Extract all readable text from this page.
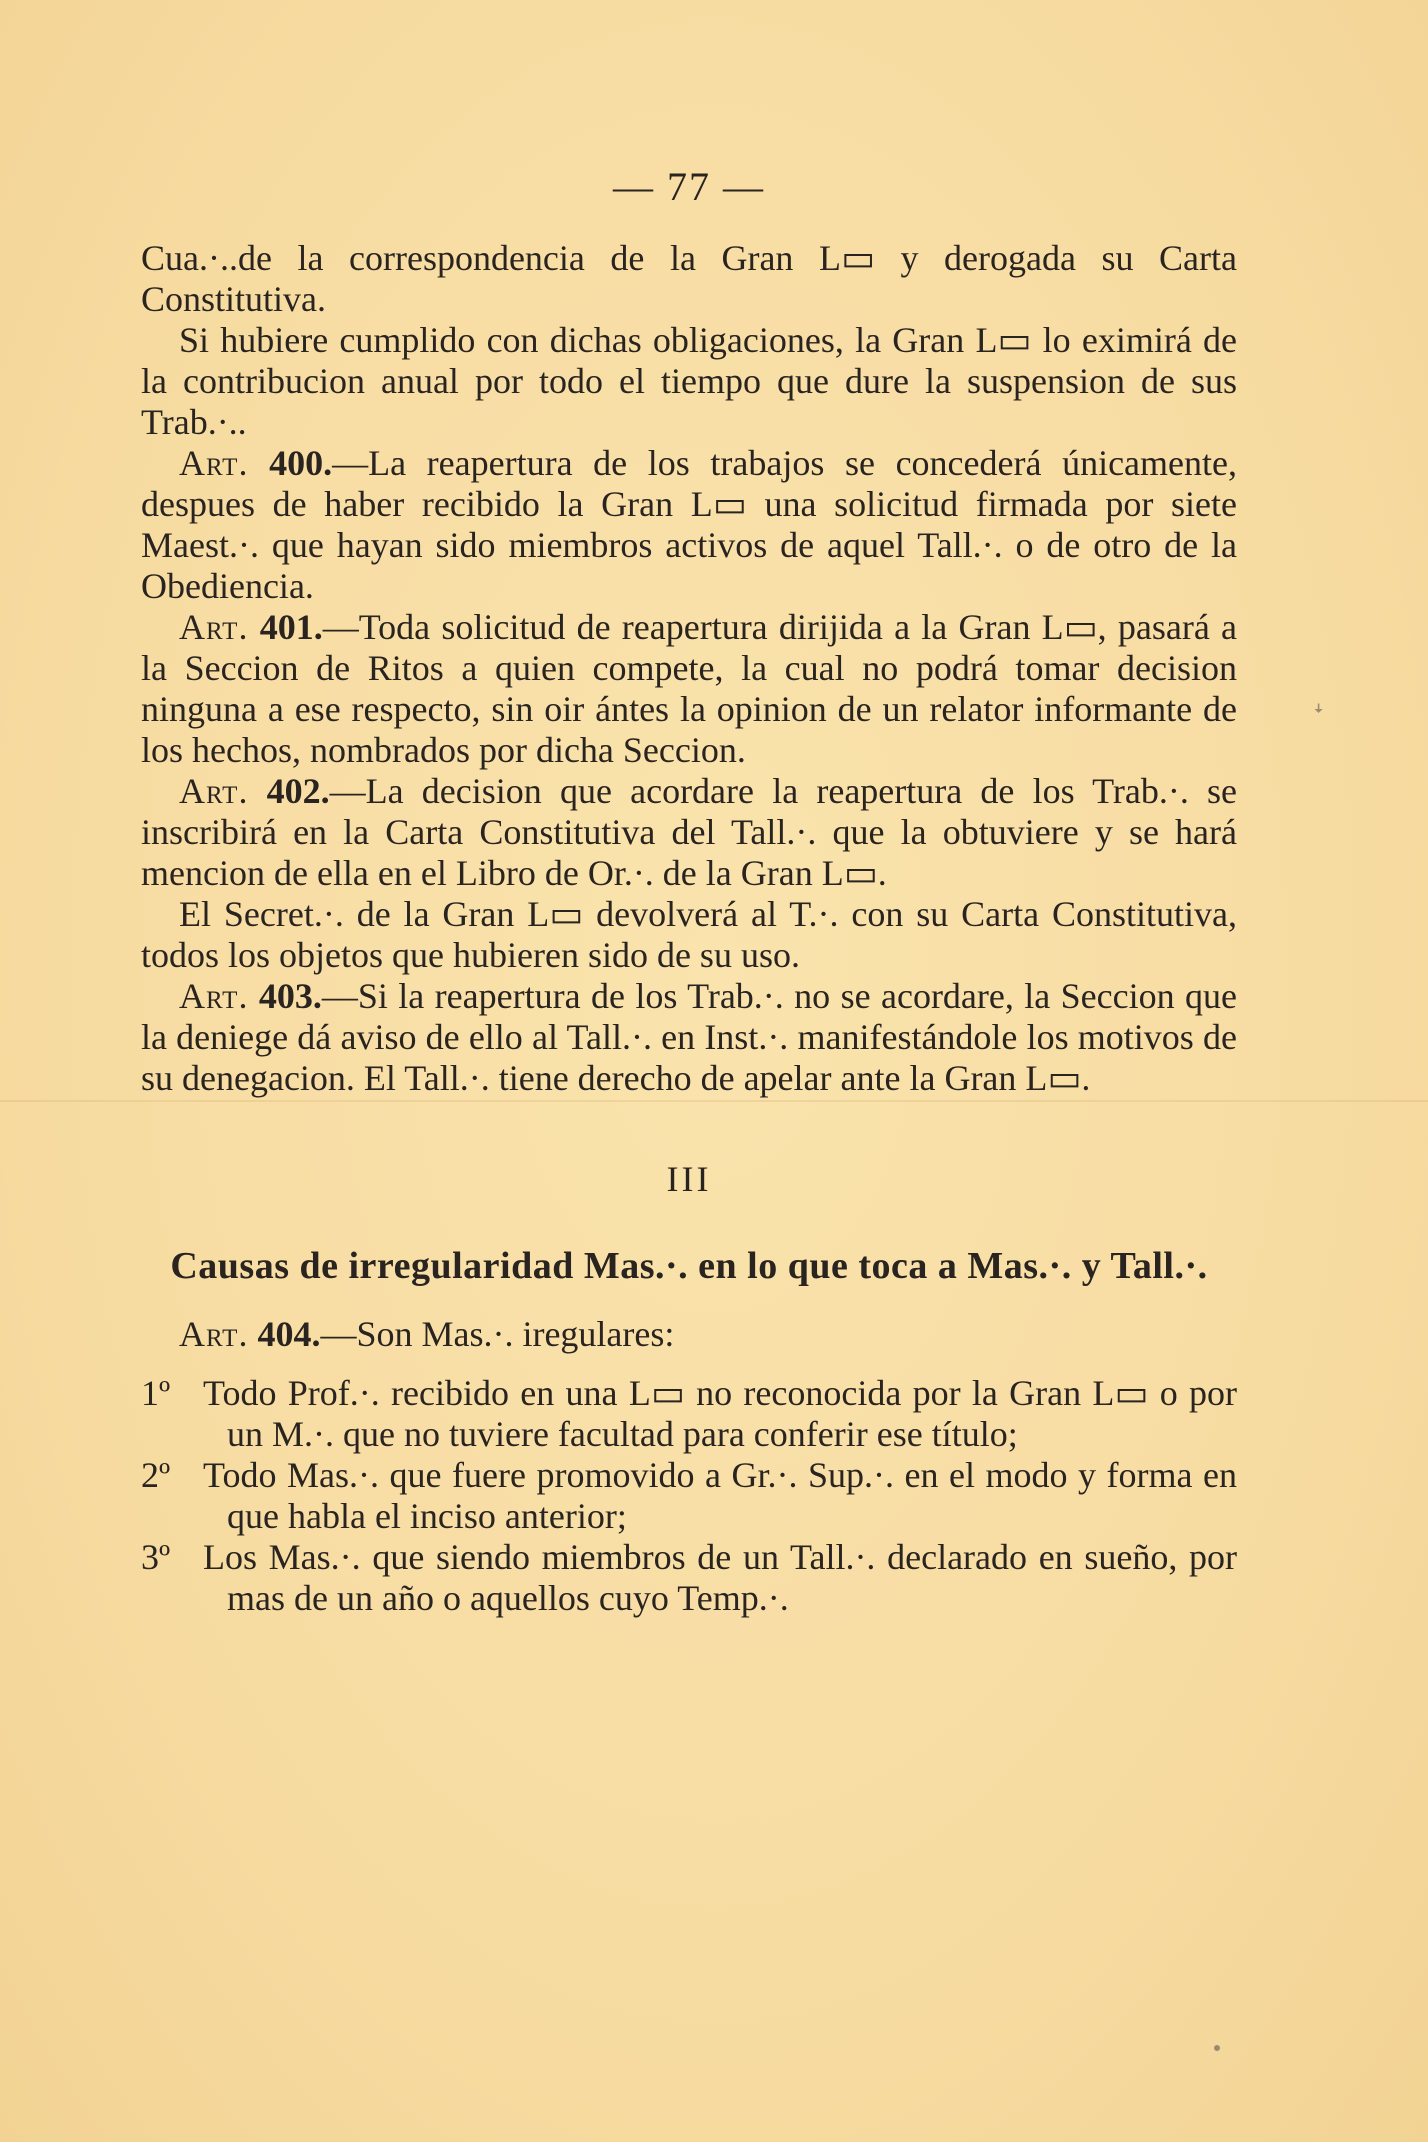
— 77 —

Cua.·..de la correspondencia de la Gran L▭ y derogada su Carta Constitutiva.

Si hubiere cumplido con dichas obligaciones, la Gran L▭ lo eximirá de la contribucion anual por todo el tiempo que dure la suspension de sus Trab.·..

Art. 400.—La reapertura de los trabajos se concederá únicamente, despues de haber recibido la Gran L▭ una solicitud firmada por siete Maest.·. que hayan sido miembros activos de aquel Tall.·. o de otro de la Obediencia.

Art. 401.—Toda solicitud de reapertura dirijida a la Gran L▭, pasará a la Seccion de Ritos a quien compete, la cual no podrá tomar decision ninguna a ese respecto, sin oir ántes la opinion de un relator informante de los hechos, nombrados por dicha Seccion.

Art. 402.—La decision que acordare la reapertura de los Trab.·. se inscribirá en la Carta Constitutiva del Tall.·. que la obtuviere y se hará mencion de ella en el Libro de Or.·. de la Gran L▭.

El Secret.·. de la Gran L▭ devolverá al T.·. con su Carta Constitutiva, todos los objetos que hubieren sido de su uso.

Art. 403.—Si la reapertura de los Trab.·. no se acordare, la Seccion que la deniege dá aviso de ello al Tall.·. en Inst.·. manifestándole los motivos de su denegacion. El Tall.·. tiene derecho de apelar ante la Gran L▭.

III
Causas de irregularidad Mas.·. en lo que toca a Mas.·. y Tall.·.

Art. 404.—Son Mas.·. iregulares:

1º Todo Prof.·. recibido en una L▭ no reconocida por la Gran L▭ o por un M.·. que no tuviere facultad para conferir ese título;

2º Todo Mas.·. que fuere promovido a Gr.·. Sup.·. en el modo y forma en que habla el inciso anterior;

3º Los Mas.·. que siendo miembros de un Tall.·. declarado en sueño, por mas de un año o aquellos cuyo Temp.·.

ꜜ
